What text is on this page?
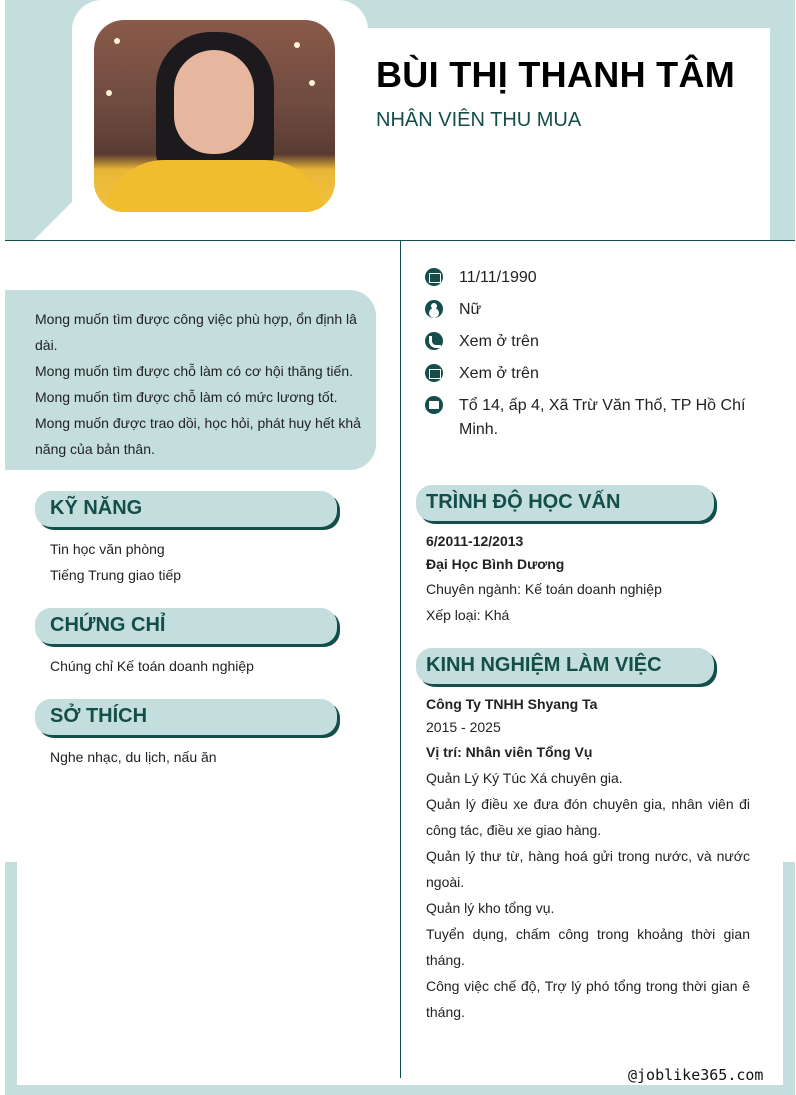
BÙI THỊ THANH TÂM
NHÂN VIÊN THU MUA

Mong muốn tìm được công việc phù hợp, ổn định lâ

dài.

Mong muốn tìm được chỗ làm có cơ hội thăng tiến.

Mong muốn tìm được chỗ làm có mức lương tốt.

Mong muốn được trao dồi, học hỏi, phát huy hết khả

năng của bản thân.

KỸ NĂNG
Tin học văn phòng
Tiếng Trung giao tiếp
CHỨNG CHỈ
Chúng chỉ Kế toán doanh nghiệp
SỞ THÍCH
Nghe nhạc, du lịch, nấu ăn
11/11/1990
Nữ
Xem ở trên
Xem ở trên
Tổ 14, ấp 4, Xã Trừ Văn Thố, TP Hồ Chí Minh.
TRÌNH ĐỘ HỌC VẤN
6/2011-12/2013
Đại Học Bình Dương
Chuyên ngành: Kế toán doanh nghiệp
Xếp loại: Khá
KINH NGHIỆM LÀM VIỆC
Công Ty TNHH Shyang Ta
2015 - 2025
Vị trí: Nhân viên Tổng Vụ
Quản Lý Ký Túc Xá chuyên gia.
Quản lý điều xe đưa đón chuyên gia, nhân viên đi
công tác, điều xe giao hàng.
Quản lý thư từ, hàng hoá gửi trong nước, và nước
ngoài.
Quản lý kho tổng vụ.
Tuyển dụng, chấm công trong khoảng thời gian
tháng.
Công việc chế độ, Trợ lý phó tổng trong thời gian ê
tháng.
@joblike365.com
